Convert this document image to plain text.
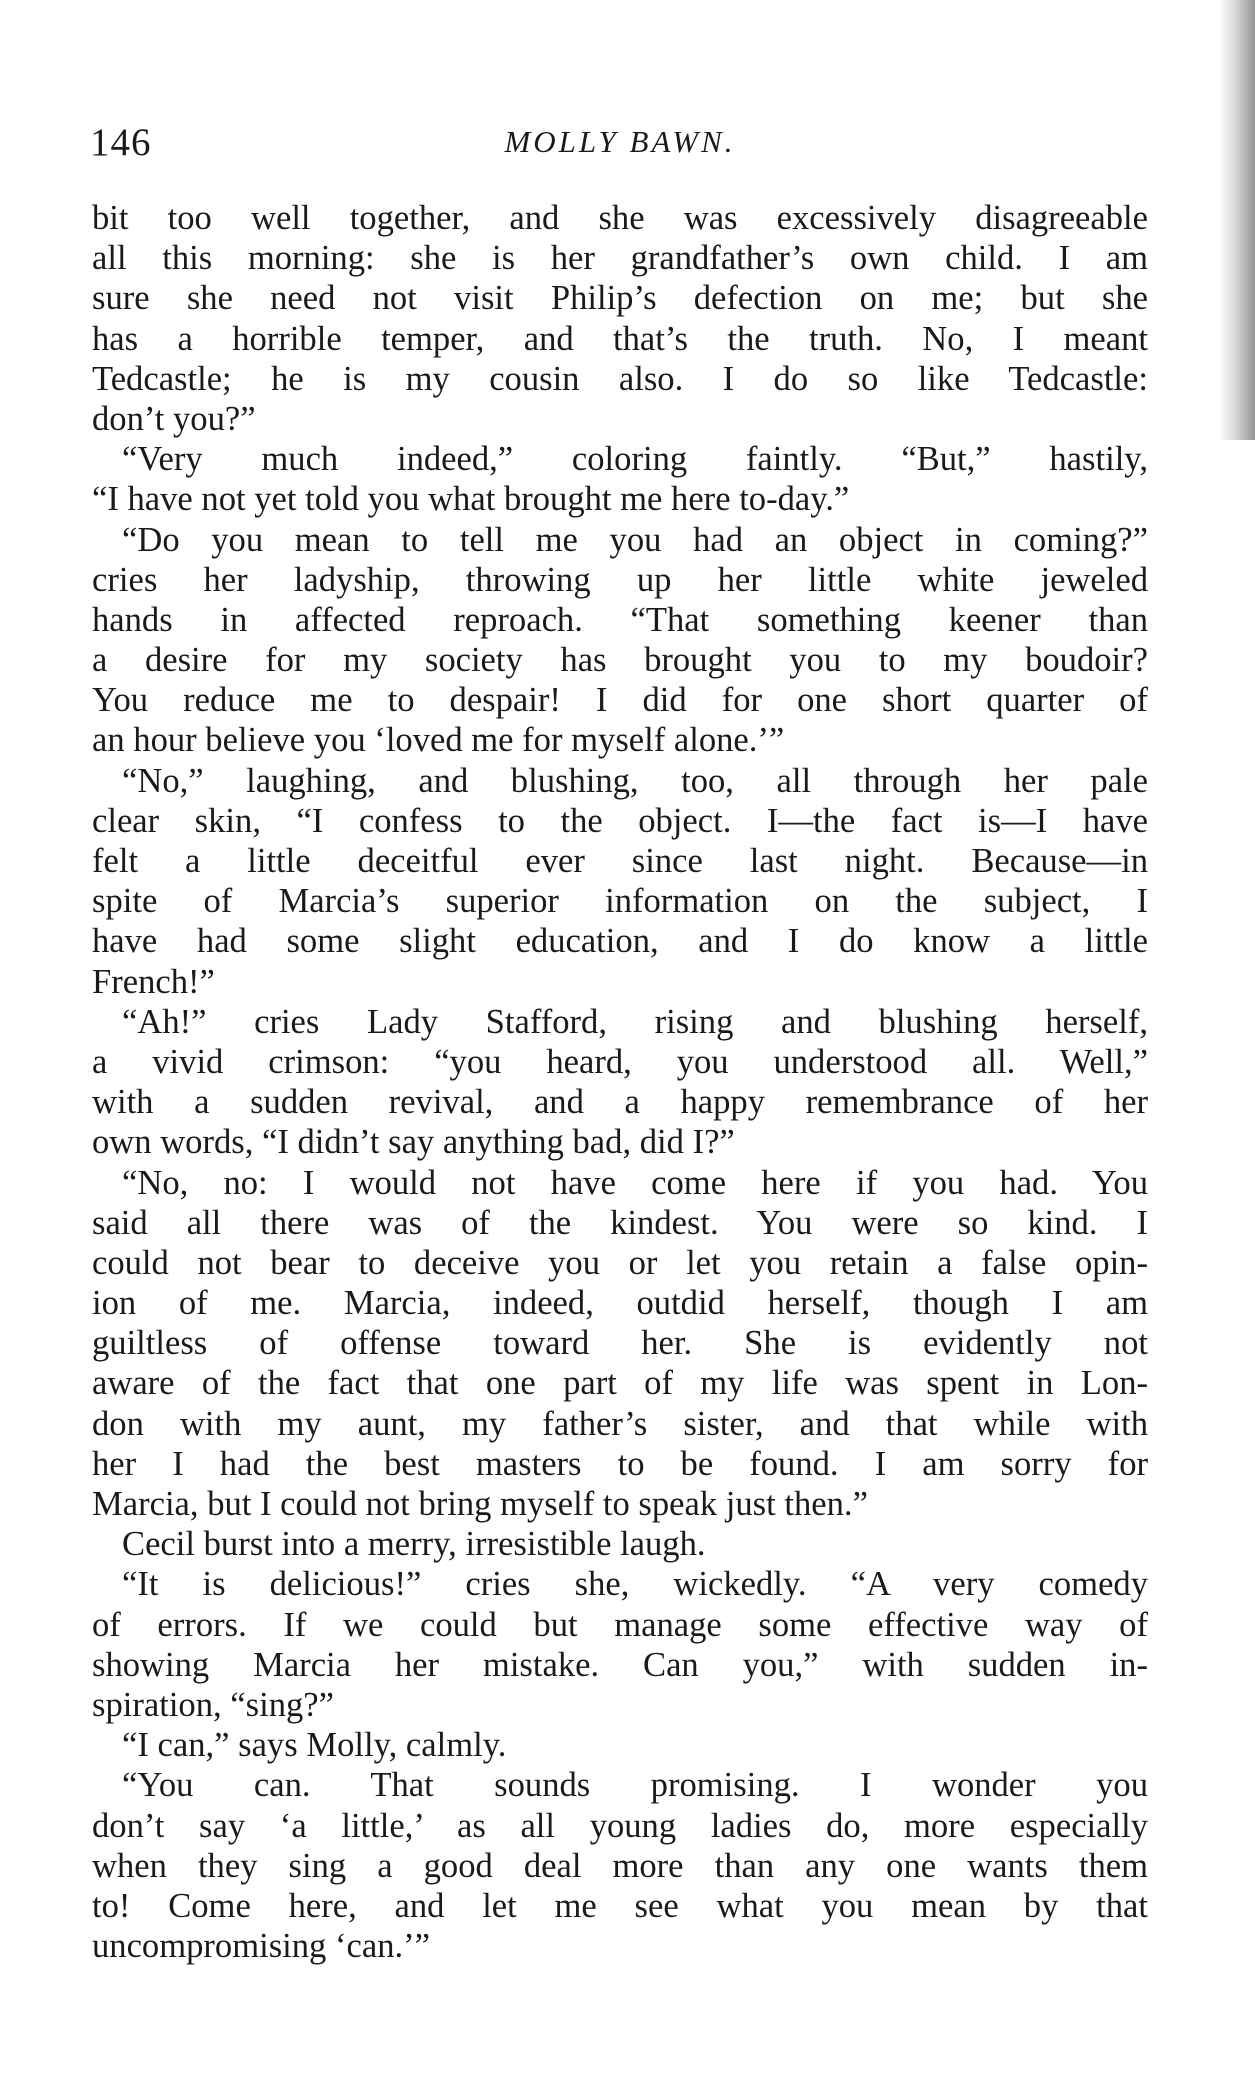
146	MOLLY BAWN.
bit too well together, and she was excessively disagreeable
all this morning: she is her grandfather’s own child. I am
sure she need not visit Philip’s defection on me; but she
has a horrible temper, and that’s the truth. No, I meant
Tedcastle; he is my cousin also. I do so like Tedcastle:
don’t you?”
“Very much indeed,” coloring faintly. “But,” hastily,
“I have not yet told you what brought me here to-day.”
“Do you mean to tell me you had an object in coming?”
cries her ladyship, throwing up her little white jeweled
hands in affected reproach. “That something keener than
a desire for my society has brought you to my boudoir?
You reduce me to despair! I did for one short quarter of
an hour believe you ‘loved me for myself alone.’”
“No,” laughing, and blushing, too, all through her pale
clear skin, “I confess to the object. I—the fact is—I have
felt a little deceitful ever since last night. Because—in
spite of Marcia’s superior information on the subject, I
have had some slight education, and I do know a little
French!”
“Ah!” cries Lady Stafford, rising and blushing herself,
a vivid crimson: “you heard, you understood all. Well,”
with a sudden revival, and a happy remembrance of her
own words, “I didn’t say anything bad, did I?”
“No, no: I would not have come here if you had. You
said all there was of the kindest. You were so kind. I
could not bear to deceive you or let you retain a false opin-
ion of me. Marcia, indeed, outdid herself, though I am
guiltless of offense toward her. She is evidently not
aware of the fact that one part of my life was spent in Lon-
don with my aunt, my father’s sister, and that while with
her I had the best masters to be found. I am sorry for
Marcia, but I could not bring myself to speak just then.”
Cecil burst into a merry, irresistible laugh.
“It is delicious!” cries she, wickedly. “A very comedy
of errors. If we could but manage some effective way of
showing Marcia her mistake. Can you,” with sudden in-
spiration, “sing?”
“I can,” says Molly, calmly.
“You can. That sounds promising. I wonder you
don’t say ‘a little,’ as all young ladies do, more especially
when they sing a good deal more than any one wants them
to! Come here, and let me see what you mean by that
uncompromising ‘can.’”
